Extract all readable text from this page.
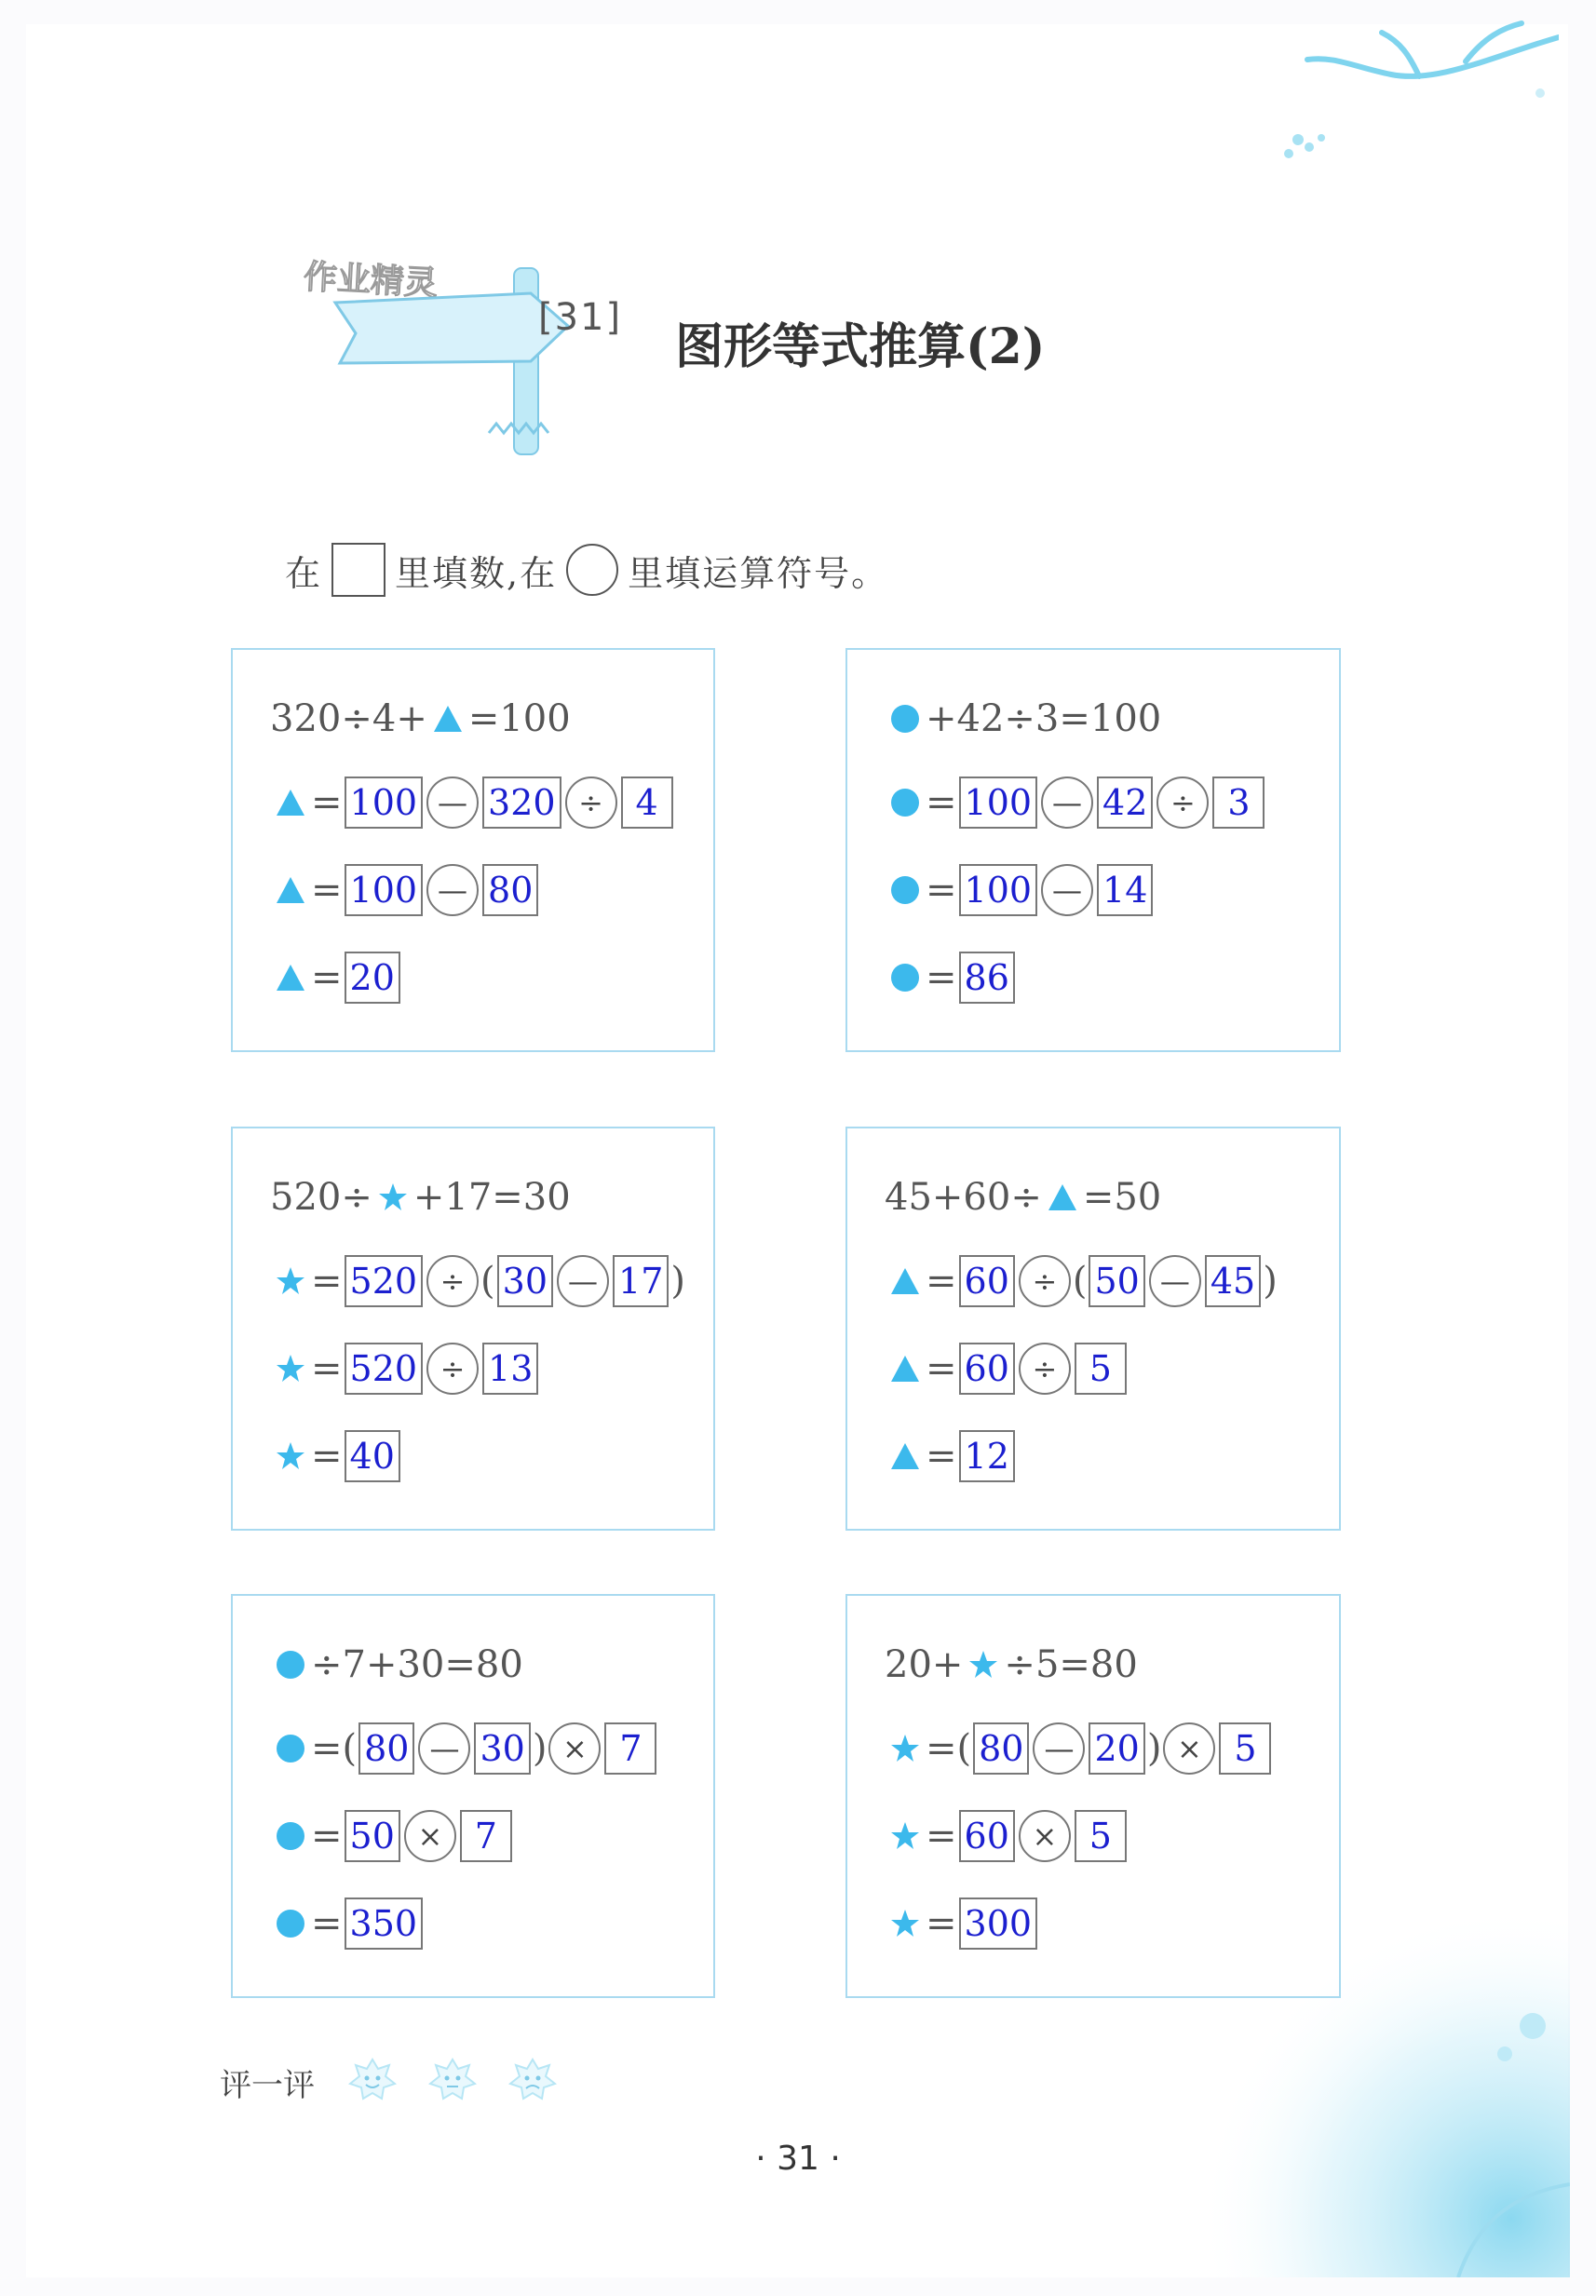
作业精灵
[31]
图形等式推算(2)
在 里填数,在 里填运算符号。
320÷4+ =100
= 100 — 320 ÷ 4
= 100 — 80
= 20
+42÷3=100
= 100 — 42 ÷ 3
= 100 — 14
= 86
520÷ +17=30
= 520 ÷ ( 30 — 17 )
= 520 ÷ 13
= 40
45+60÷ =50
= 60 ÷ ( 50 — 45 )
= 60 ÷ 5
= 12
÷7+30=80
=( 80 — 30 ) × 7
= 50 × 7
= 350
20+ ÷5=80
=( 80 — 20 ) × 5
= 60 × 5
= 300
评一评
· 31 ·
